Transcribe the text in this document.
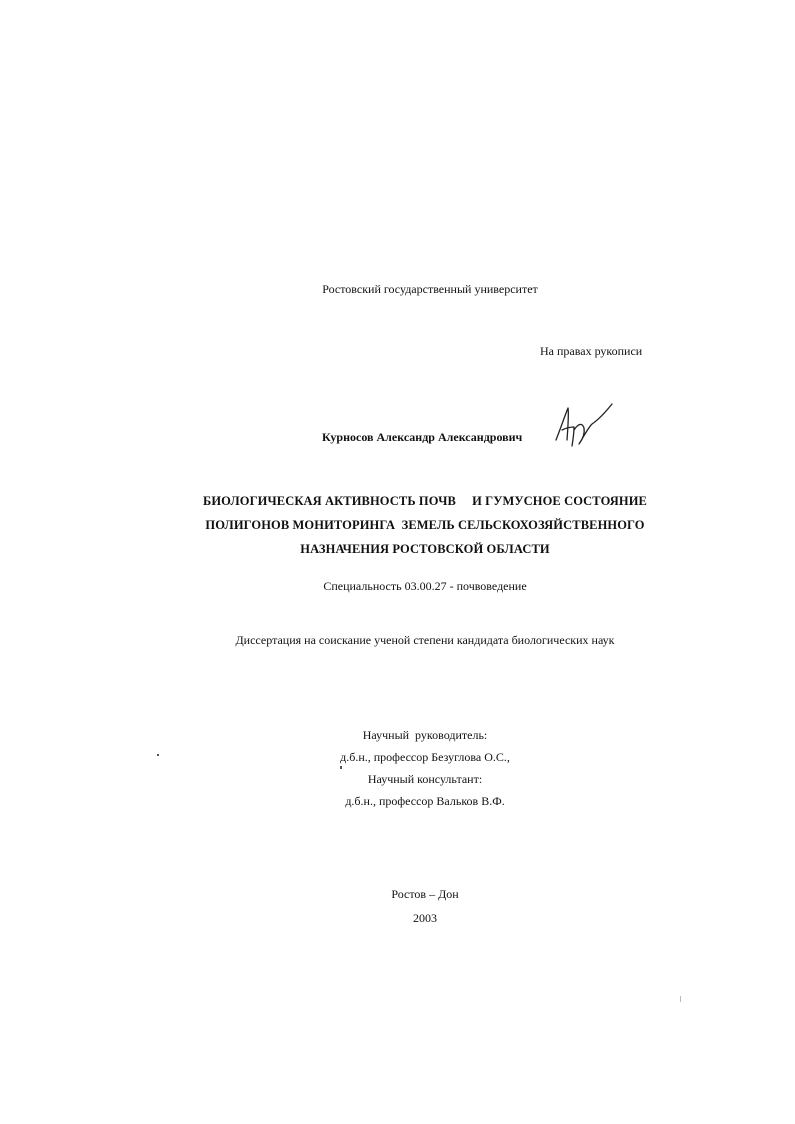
Ростовский государственный университет
На правах рукописи
Курносов Александр Александрович
БИОЛОГИЧЕСКАЯ АКТИВНОСТЬ ПОЧВ     И ГУМУСНОЕ СОСТОЯНИЕ
ПОЛИГОНОВ МОНИТОРИНГА  ЗЕМЕЛЬ СЕЛЬСКОХОЗЯЙСТВЕННОГО
НАЗНАЧЕНИЯ РОСТОВСКОЙ ОБЛАСТИ
Специальность 03.00.27 - почвоведение
Диссертация на соискание ученой степени кандидата биологических наук
Научный  руководитель:
д.б.н., профессор Безуглова О.С.,
Научный консультант:
д.б.н., профессор Вальков В.Ф.
Ростов – Дон
2003
